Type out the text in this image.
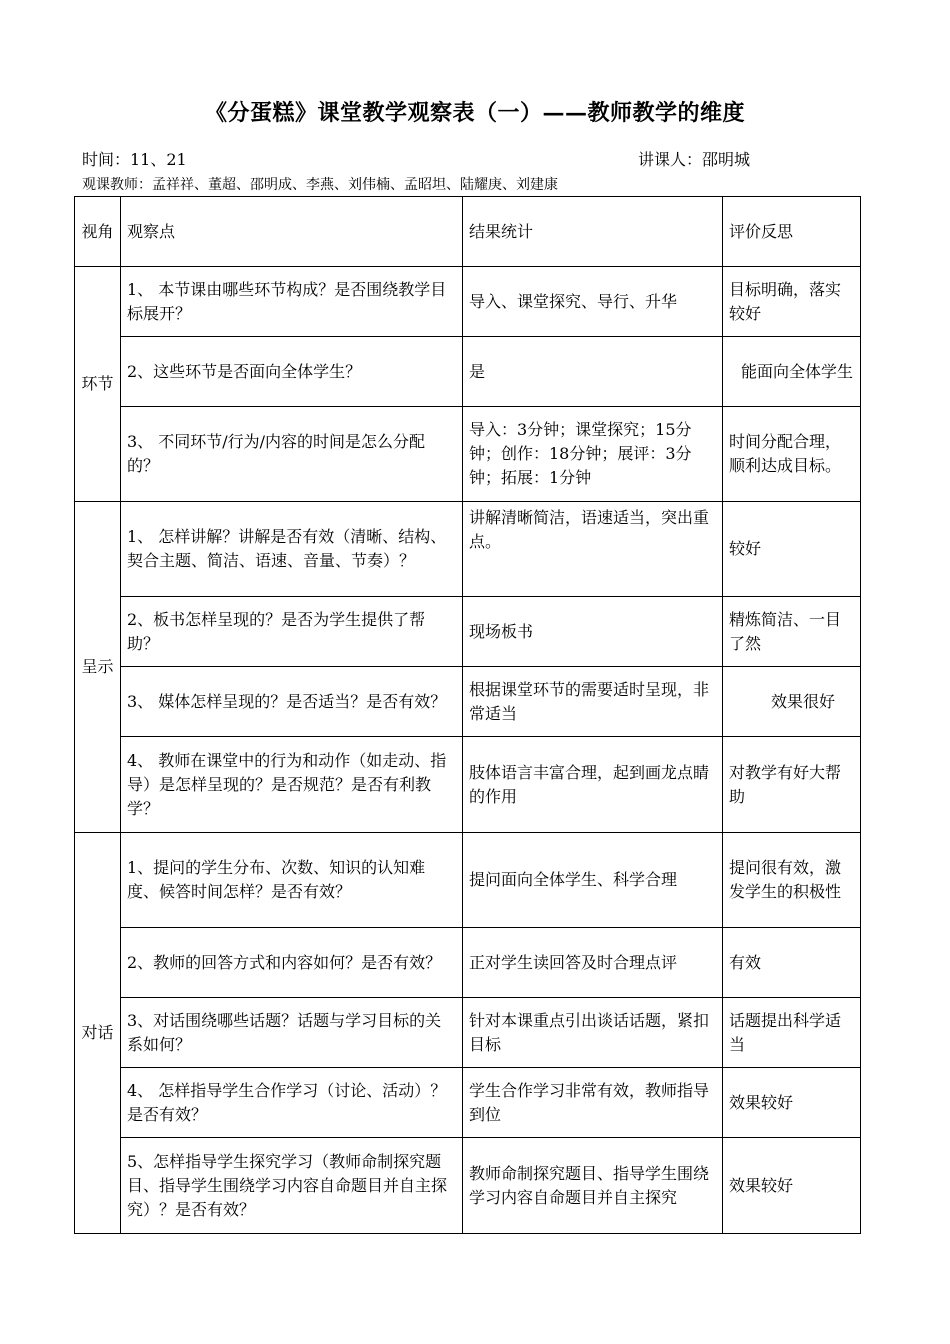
《分蛋糕》课堂教学观察表（一）——教师教学的维度
时间：11、21	讲课人：邵明城
观课教师：孟祥祥、董超、邵明成、李燕、刘伟楠、孟昭坦、陆耀庚、刘建康
视角	观察点	结果统计	评价反思
环节	1、 本节课由哪些环节构成？是否围绕教学目标展开？	导入、课堂探究、导行、升华	目标明确，落实较好
	2、这些环节是否面向全体学生？	是	能面向全体学生
	3、 不同环节/行为/内容的时间是怎么分配的？	导入：3分钟；课堂探究；15分钟；创作：18分钟；展评：3分钟；拓展：1分钟	时间分配合理，顺利达成目标。
呈示	1、 怎样讲解？讲解是否有效（清晰、结构、契合主题、简洁、语速、音量、节奏）？	讲解清晰简洁，语速适当，突出重点。	较好
	2、板书怎样呈现的？是否为学生提供了帮助？	现场板书	精炼简洁、一目了然
	3、 媒体怎样呈现的？是否适当？是否有效？	根据课堂环节的需要适时呈现，非常适当	效果很好
	4、 教师在课堂中的行为和动作（如走动、指导）是怎样呈现的？是否规范？是否有利教学？	肢体语言丰富合理，起到画龙点睛的作用	对教学有好大帮助
对话	1、提问的学生分布、次数、知识的认知难度、候答时间怎样？是否有效？	提问面向全体学生、科学合理	提问很有效，激发学生的积极性
	2、教师的回答方式和内容如何？是否有效？	正对学生读回答及时合理点评	有效
	3、对话围绕哪些话题？话题与学习目标的关系如何？	针对本课重点引出谈话话题，紧扣目标	话题提出科学适当
	4、 怎样指导学生合作学习（讨论、活动）？是否有效？	学生合作学习非常有效，教师指导到位	效果较好
	5、怎样指导学生探究学习（教师命制探究题目、指导学生围绕学习内容自命题目并自主探究）？是否有效？	教师命制探究题目、指导学生围绕学习内容自命题目并自主探究	效果较好
